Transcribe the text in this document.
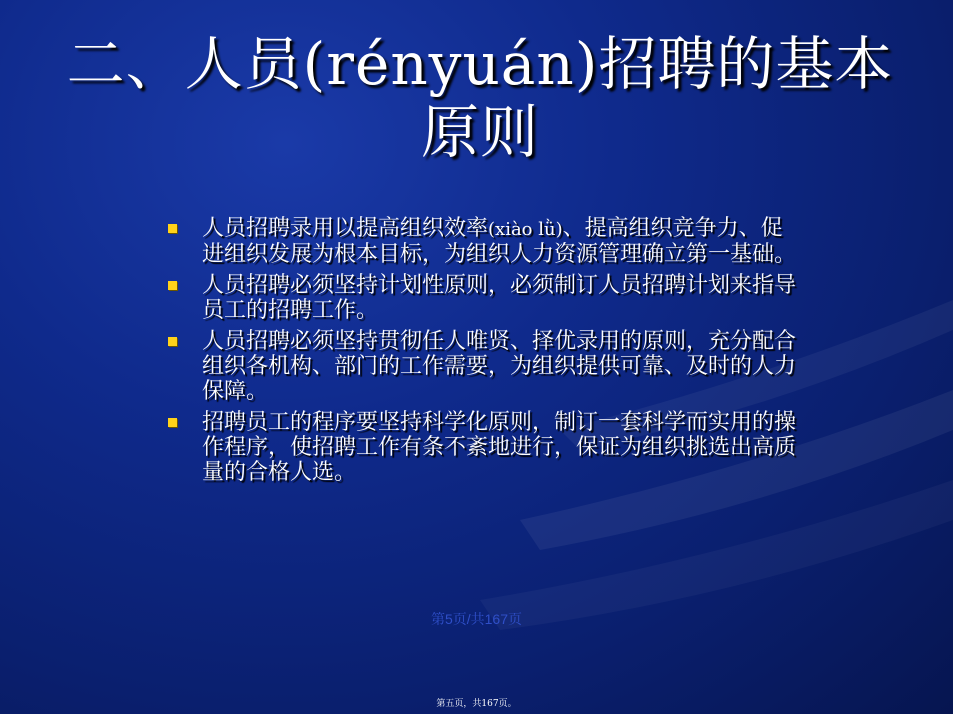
二、人员(rényuán)招聘的基本
原则
人员招聘录用以提高组织效率(xiào lǜ)、提高组织竞争力、促进组织发展为根本目标，为组织人力资源管理确立第一基础。
人员招聘必须坚持计划性原则，必须制订人员招聘计划来指导员工的招聘工作。
人员招聘必须坚持贯彻任人唯贤、择优录用的原则，充分配合组织各机构、部门的工作需要，为组织提供可靠、及时的人力保障。
招聘员工的程序要坚持科学化原则，制订一套科学而实用的操作程序，使招聘工作有条不紊地进行，保证为组织挑选出高质量的合格人选。
第5页/共167页
第五页，共167页。
